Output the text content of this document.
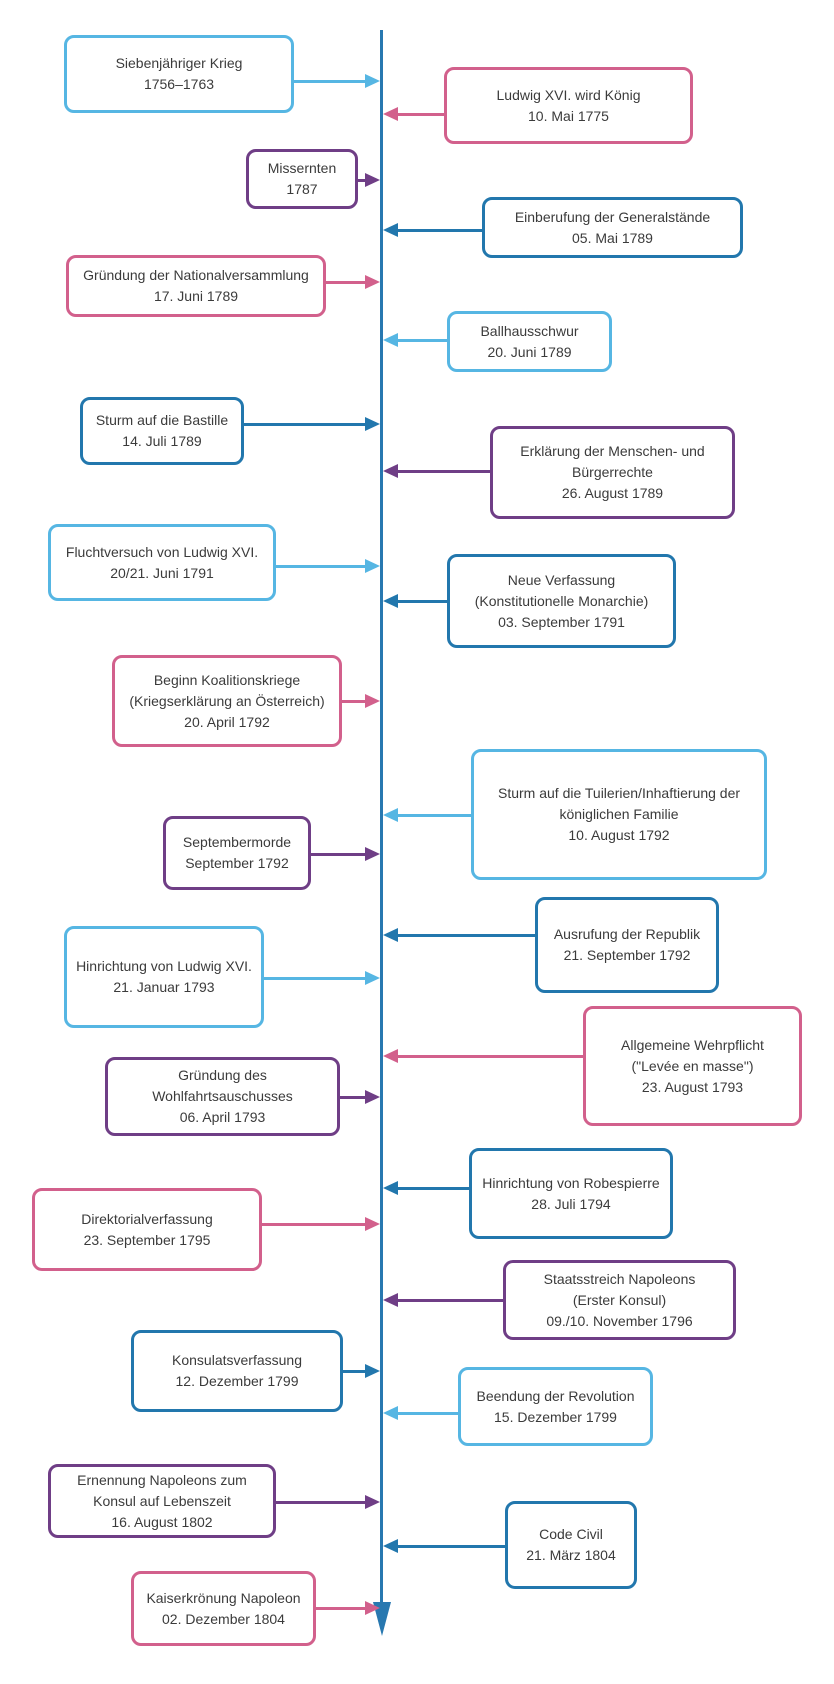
Siebenjähriger Krieg
1756–1763
Ludwig XVI. wird König
10. Mai 1775
Missernten
1787
Einberufung der Generalstände
05. Mai 1789
Gründung der Nationalversammlung
17. Juni 1789
Ballhausschwur
20. Juni 1789
Sturm auf die Bastille
14. Juli 1789
Erklärung der Menschen- und
Bürgerrechte
26. August 1789
Fluchtversuch von Ludwig XVI.
20/21. Juni 1791	Neue Verfassung
(Konstitutionelle Monarchie)
03. September 1791
Beginn Koalitionskriege
(Kriegserklärung an Österreich)
20. April 1792
Sturm auf die Tuilerien/Inhaftierung der
königlichen Familie
10. August 1792
Septembermorde
September 1792
Ausrufung der Republik
21. September 1792
Hinrichtung von Ludwig XVI.
21. Januar 1793
Allgemeine Wehrpflicht
("Levée en masse")
23. August 1793
Gründung des
Wohlfahrtsauschusses
06. April 1793
Hinrichtung von Robespierre
28. Juli 1794
Direktorialverfassung
23. September 1795
Staatsstreich Napoleons
(Erster Konsul)
09./10. November 1796
Konsulatsverfassung
12. Dezember 1799
Beendung der Revolution
15. Dezember 1799
Ernennung Napoleons zum
Konsul auf Lebenszeit
16. August 1802
Code Civil
21. März 1804
Kaiserkrönung Napoleon
02. Dezember 1804
